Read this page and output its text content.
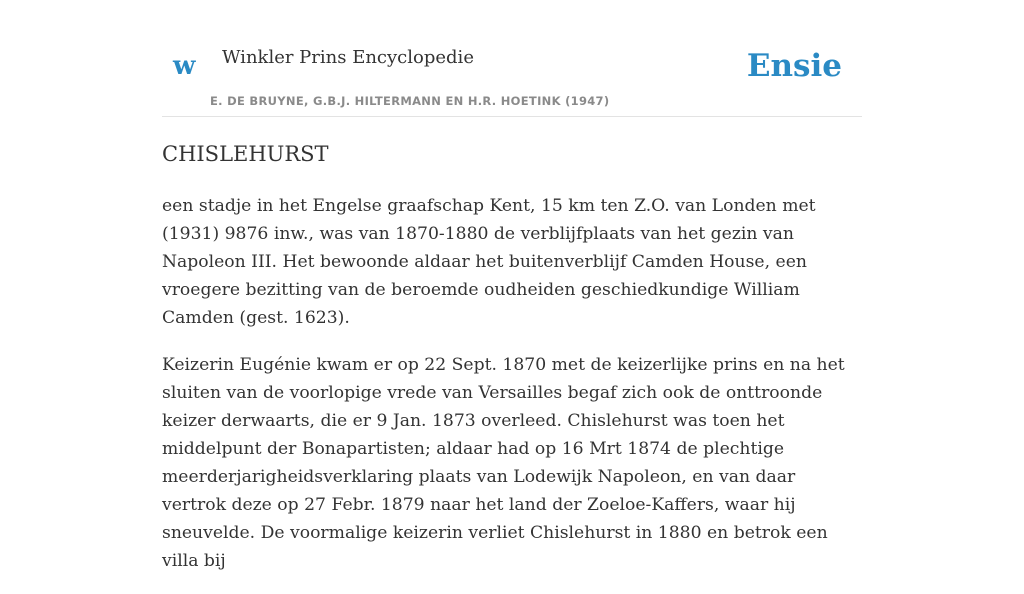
w Winkler Prins Encyclopedie
E. DE BRUYNE, G.B.J. HILTERMANN EN H.R. HOETINK (1947)
Ensie
CHISLEHURST

een stadje in het Engelse graafschap Kent, 15 km ten Z.O. van Londen met (1931) 9876 inw., was van 1870-1880 de verblijfplaats van het gezin van Napoleon III. Het bewoonde aldaar het buitenverblijf Camden House, een vroegere bezitting van de beroemde oudheiden geschiedkundige William Camden (gest. 1623).

Keizerin Eugénie kwam er op 22 Sept. 1870 met de keizerlijke prins en na het sluiten van de voorlopige vrede van Versailles begaf zich ook de onttroonde keizer derwaarts, die er 9 Jan. 1873 overleed. Chislehurst was toen het middelpunt der Bonapartisten; aldaar had op 16 Mrt 1874 de plechtige meerderjarigheidsverklaring plaats van Lodewijk Napoleon, en van daar vertrok deze op 27 Febr. 1879 naar het land der Zoeloe-Kaffers, waar hij sneuvelde. De voormalige keizerin verliet Chislehurst in 1880 en betrok een villa bij
